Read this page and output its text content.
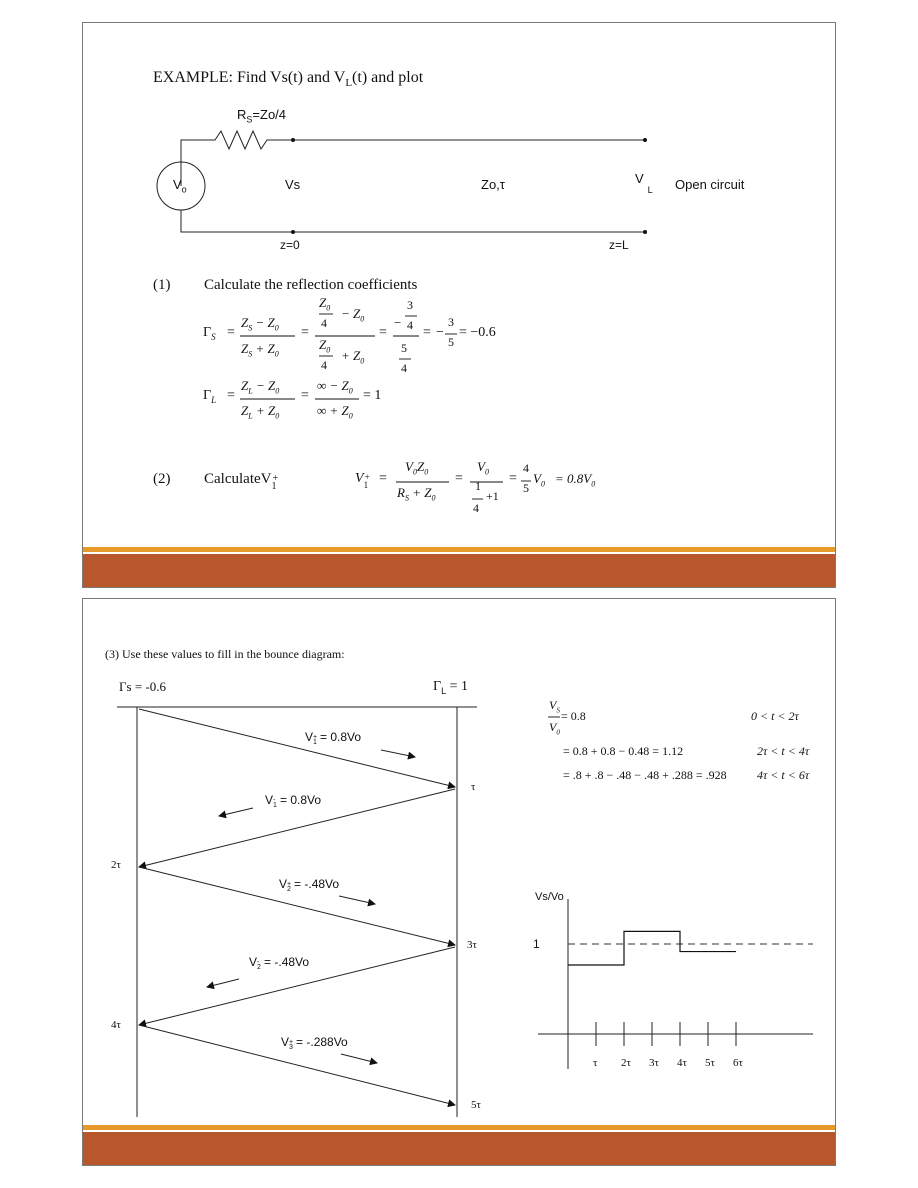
EXAMPLE: Find Vs(t) and $V_L(t)$ and plot
$R_S=Zo/4$
$V_o$	Vs	Zo,τ	$V_L$ Open circuit
z=0	z=L
(1) Calculate the reflection coefficients
$\Gamma_S$ =
$Z_S - Z_0$
$Z_S + Z_0$
=
$Z_0$
4
− $Z_0$
$Z_0$
4
+ $Z_0$
=
−
3
4
5
4
= −
3
5
= −0.6
$\Gamma_L$ =
$Z_L - Z_0$
$Z_L + Z_0$
=
∞ − $Z_0$
∞ + $Z_0$
= 1
(2) CalculateV +
1
V +
1 =
$V_0Z_0$
$R_S + Z_0$
=
$V_0$
1
4
+1
=
4
5
$V_0 = 0.8V_0$
(3) Use these values to fill in the bounce diagram:
Γs = -0.6	$\Gamma_L = 1$
V +
1 = 0.8Vo
V -
1 = 0.8Vo
V +
2 = -.48Vo
V -
2 = -.48Vo
V +
3 = -.288Vo
τ
3τ
5τ
2τ
4τ
$V_S$
$V_0$
= 0.8	0 < t < 2τ
= 0.8 + 0.8 − 0.48 = 1.12	2τ < t < 4τ
= .8 + .8 − .48 − .48 + .288 = .928	4τ < t < 6τ
Vs/Vo
1
τ 2τ 3τ 4τ 5τ 6τ
